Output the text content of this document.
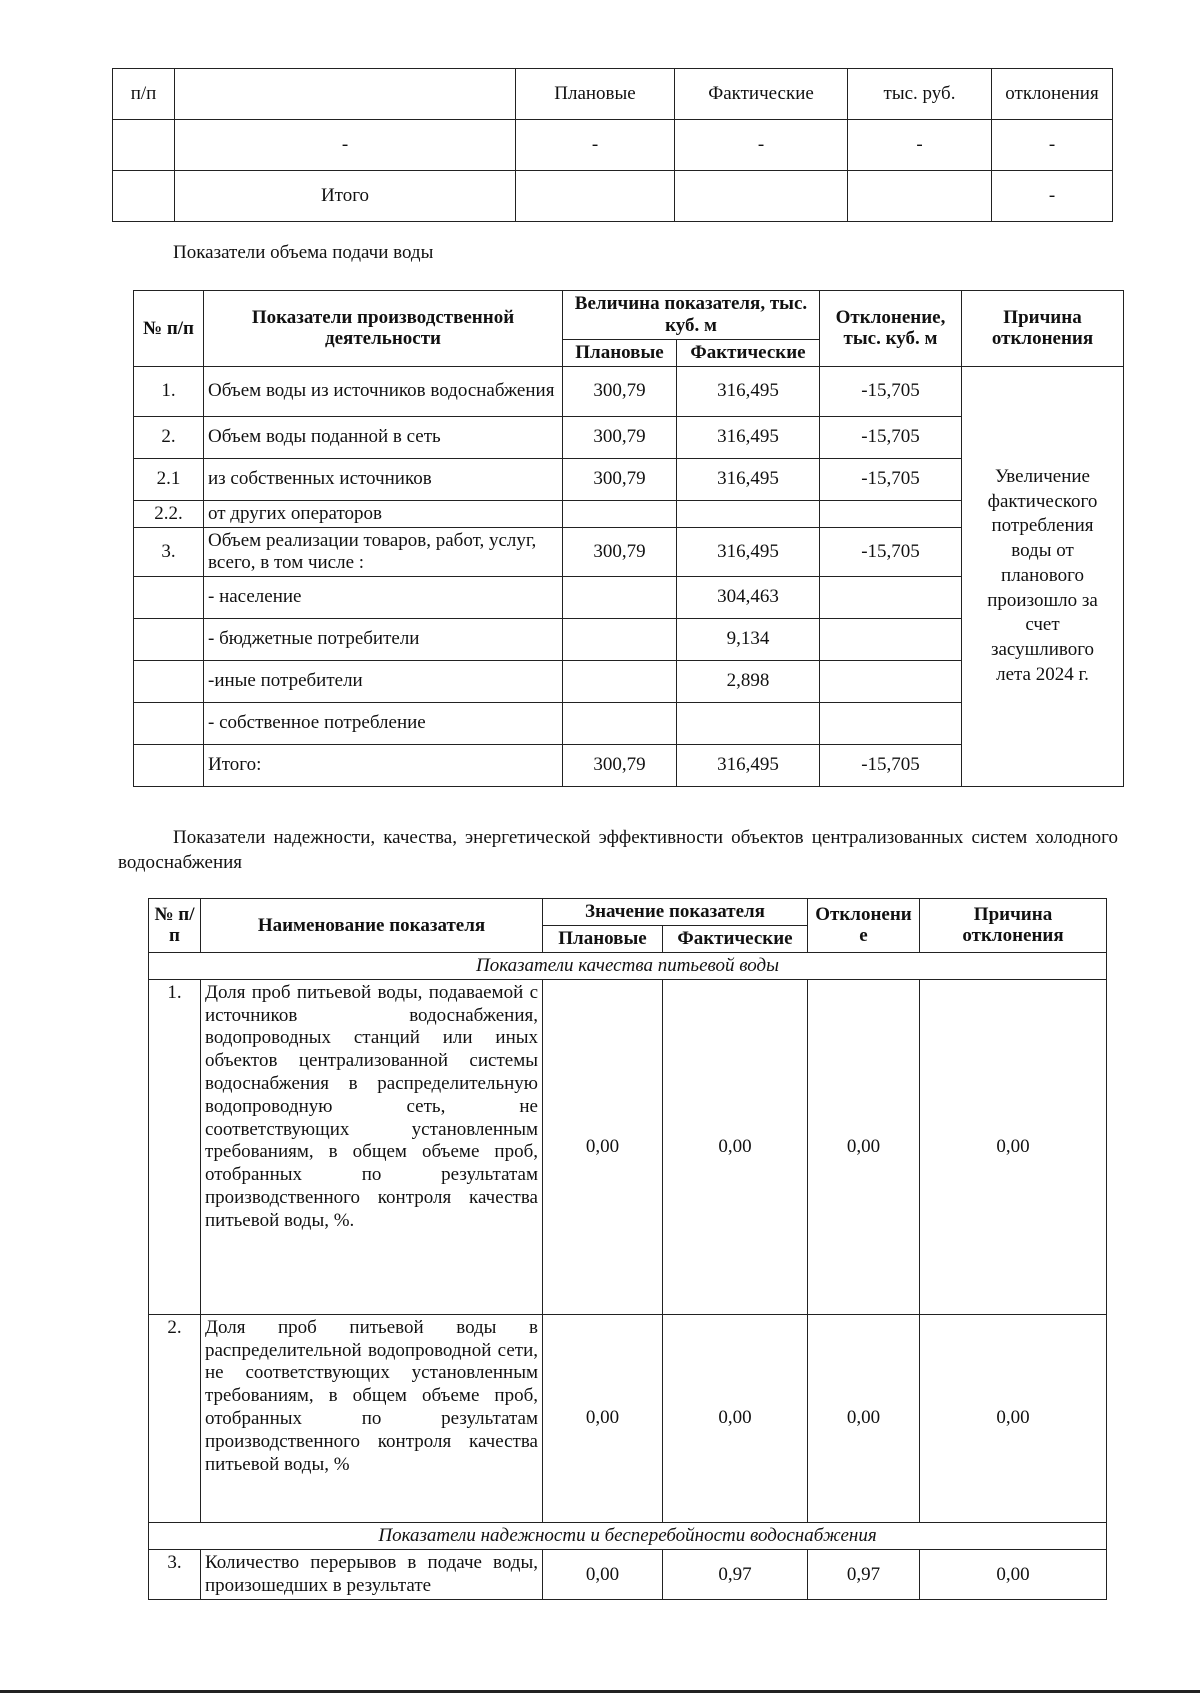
п/п		Плановые	Фактические	тыс. руб.	отклонения
	-	-	-	-	-
	Итого				-
Показатели объема подачи воды
№ п/п	Показатели производственной деятельности	Величина показателя, тыс. куб. м		Отклонение, тыс. куб. м	Причина отклонения
		Плановые	Фактические		
1.	Объем воды из источников водоснабжения	300,79	316,495	-15,705	Увеличение фактического потребления воды от планового произошло за счет засушливого лета 2024 г.
2.	Объем воды поданной в сеть	300,79	316,495	-15,705	
2.1	из собственных источников	300,79	316,495	-15,705	
2.2.	от других операторов				
3.	Объем реализации товаров, работ, услуг, всего, в том числе :	300,79	316,495	-15,705	
	- население		304,463		
	- бюджетные потребители		9,134		
	-иные потребители		2,898		
	- собственное потребление				
	Итого:	300,79	316,495	-15,705	
Показатели надежности, качества, энергетической эффективности объектов централизованных систем холодного водоснабжения
№ п/п	Наименование показателя	Значение показателя		Отклонение	Причина отклонения
		Плановые	Фактические		
Показатели качества питьевой воды					
1.	Доля проб питьевой воды, подаваемой с источников водоснабжения, водопроводных станций или иных объектов централизованной системы водоснабжения в распределительную водопроводную сеть, не соответствующих установленным требованиям, в общем объеме проб, отобранных по результатам производственного контроля качества питьевой воды, %.	0,00	0,00	0,00	0,00
2.	Доля проб питьевой воды в распределительной водопроводной сети, не соответствующих установленным требованиям, в общем объеме проб, отобранных по результатам производственного контроля качества питьевой воды, %	0,00	0,00	0,00	0,00
Показатели надежности и бесперебойности водоснабжения					
3.	Количество перерывов в подаче воды, произошедших в результате	0,00	0,97	0,97	0,00
